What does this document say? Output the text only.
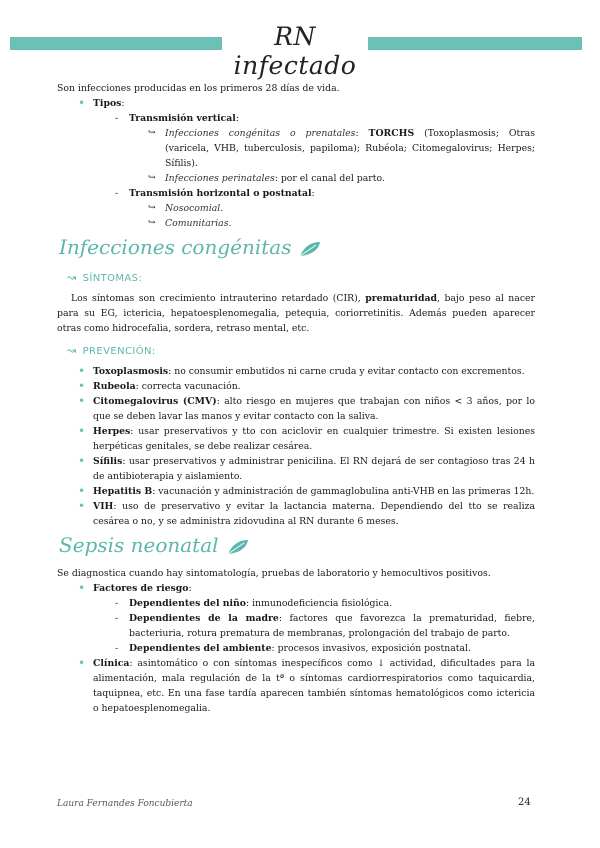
RN infectado

Son infecciones producidas en los primeros 28 días de vida.

• Tipos:
- Transmisión vertical:

↪ Infecciones congénitas o prenatales: TORCHS (Toxoplasmosis; Otras (varicela, VHB, tuberculosis, papiloma); Rubéola; Citomegalovirus; Herpes; Sífilis).

↪ Infecciones perinatales: por el canal del parto.
- Transmisión horizontal o postnatal:
↪ Nosocomial.
↪ Comunitarias.
Infecciones congénitas
↝ SÍNTOMAS:

Los síntomas son crecimiento intrauterino retardado (CIR), prematuridad, bajo peso al nacer para su EG, ictericia, hepatoesplenomegalia, petequia, coriorretinitis. Además pueden aparecer otras como hidrocefalia, sordera, retraso mental, etc.

↝ PREVENCIÓN:

• Toxoplasmosis: no consumir embutidos ni carne cruda y evitar contacto con excrementos.

• Rubeola: correcta vacunación.

• Citomegalovirus (CMV): alto riesgo en mujeres que trabajan con niños < 3 años, por lo que se deben lavar las manos y evitar contacto con la saliva.

• Herpes: usar preservativos y tto con aciclovir en cualquier trimestre. Si existen lesiones herpéticas genitales, se debe realizar cesárea.

• Sífilis: usar preservativos y administrar penicilina. El RN dejará de ser contagioso tras 24 h de antibioterapia y aislamiento.

• Hepatitis B: vacunación y administración de gammaglobulina anti-VHB en las primeras 12h.

• VIH: uso de preservativo y evitar la lactancia materna. Dependiendo del tto se realiza cesárea o no, y se administra zidovudina al RN durante 6 meses.

Sepsis neonatal

Se diagnostica cuando hay sintomatología, pruebas de laboratorio y hemocultivos positivos.

• Factores de riesgo:

- Dependientes del niño: inmunodeficiencia fisiológica.

- Dependientes de la madre: factores que favorezca la prematuridad, fiebre, bacteriuria, rotura prematura de membranas, prolongación del trabajo de parto.

- Dependientes del ambiente: procesos invasivos, exposición postnatal.

• Clínica: asintomático o con síntomas inespecíficos como ↓ actividad, dificultades para la alimentación, mala regulación de la tª o síntomas cardiorrespiratorios como taquicardia, taquipnea, etc. En una fase tardía aparecen también síntomas hematológicos como ictericia o hepatoesplenomegalia.

Laura Fernandes Foncubierta	24
